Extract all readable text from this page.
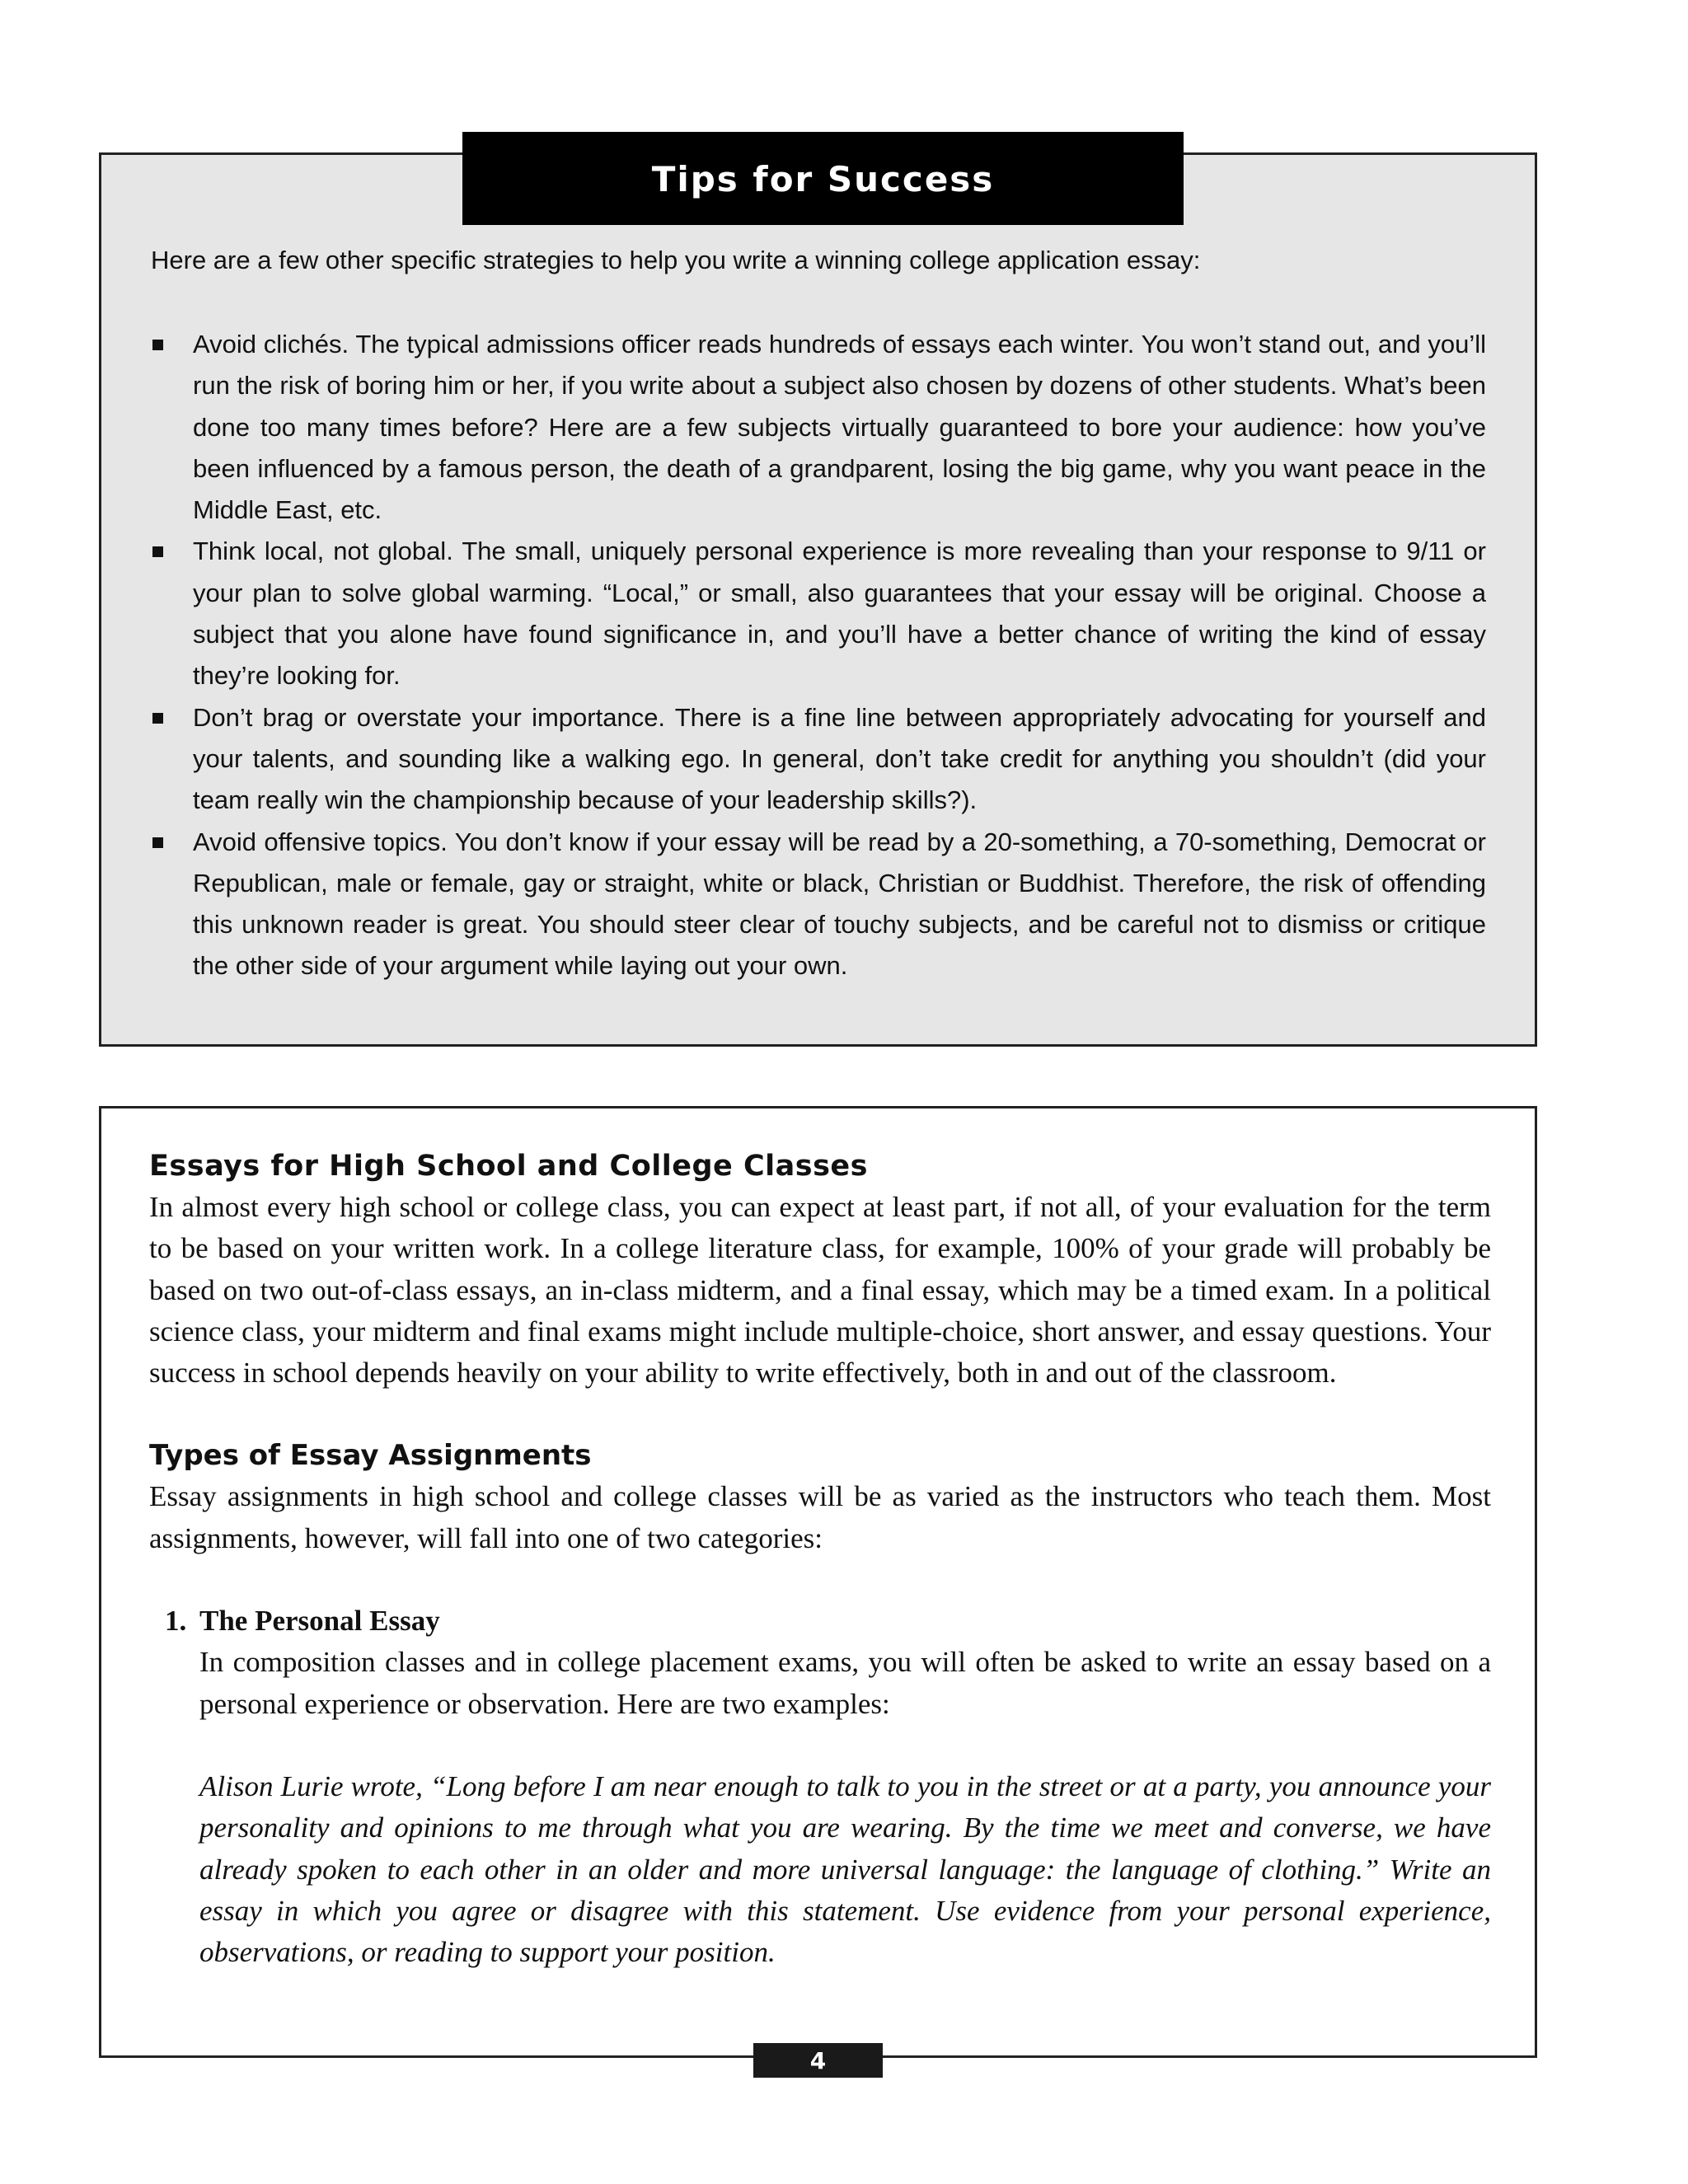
Tips for Success

Here are a few other specific strategies to help you write a winning college application essay:

Avoid clichés. The typical admissions officer reads hundreds of essays each winter. You won’t stand out, and you’ll run the risk of boring him or her, if you write about a subject also chosen by dozens of other students. What’s been done too many times before? Here are a few subjects virtually guaranteed to bore your audience: how you’ve been influenced by a famous person, the death of a grandparent, losing the big game, why you want peace in the Middle East, etc.
Think local, not global. The small, uniquely personal experience is more revealing than your response to 9/11 or your plan to solve global warming. “Local,” or small, also guarantees that your essay will be original. Choose a subject that you alone have found significance in, and you’ll have a better chance of writing the kind of essay they’re looking for.
Don’t brag or overstate your importance. There is a fine line between appropriately advocating for yourself and your talents, and sounding like a walking ego. In general, don’t take credit for anything you shouldn’t (did your team really win the championship because of your leadership skills?).
Avoid offensive topics. You don’t know if your essay will be read by a 20-something, a 70-something, Democrat or Republican, male or female, gay or straight, white or black, Christian or Buddhist. Therefore, the risk of offending this unknown reader is great. You should steer clear of touchy subjects, and be careful not to dismiss or critique the other side of your argument while laying out your own.
Essays for High School and College Classes

In almost every high school or college class, you can expect at least part, if not all, of your evaluation for the term to be based on your written work. In a college literature class, for example, 100% of your grade will probably be based on two out-of-class essays, an in-class midterm, and a final essay, which may be a timed exam. In a political science class, your midterm and final exams might include multiple-choice, short answer, and essay questions. Your success in school depends heavily on your ability to write effectively, both in and out of the classroom.

Types of Essay Assignments

Essay assignments in high school and college classes will be as varied as the instructors who teach them. Most assignments, however, will fall into one of two categories:

1. The Personal Essay

In composition classes and in college placement exams, you will often be asked to write an essay based on a personal experience or observation. Here are two examples:

Alison Lurie wrote, “Long before I am near enough to talk to you in the street or at a party, you announce your personality and opinions to me through what you are wearing. By the time we meet and converse, we have already spoken to each other in an older and more universal language: the language of clothing.” Write an essay in which you agree or disagree with this statement. Use evidence from your personal experience, observations, or reading to support your position.

4
